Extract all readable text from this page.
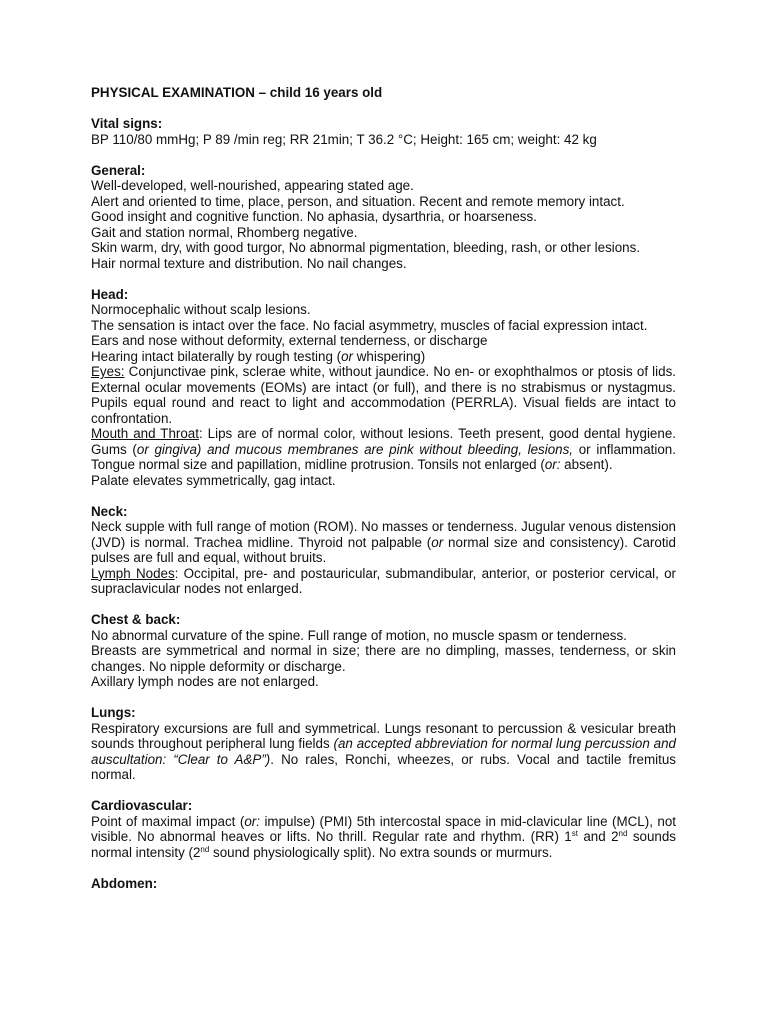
PHYSICAL EXAMINATION – child 16 years old
Vital signs:
BP 110/80 mmHg; P 89 /min reg; RR 21min; T 36.2 °C; Height: 165 cm; weight: 42 kg
General:
Well-developed, well-nourished, appearing stated age.
Alert and oriented to time, place, person, and situation. Recent and remote memory intact.
Good insight and cognitive function. No aphasia, dysarthria, or hoarseness.
Gait and station normal, Rhomberg negative.
Skin warm, dry, with good turgor, No abnormal pigmentation, bleeding, rash, or other lesions.
Hair normal texture and distribution. No nail changes.
Head:
Normocephalic without scalp lesions.
The sensation is intact over the face. No facial asymmetry, muscles of facial expression intact.
Ears and nose without deformity, external tenderness, or discharge
Hearing intact bilaterally by rough testing (or whispering)
Eyes: Conjunctivae pink, sclerae white, without jaundice. No en- or exophthalmos or ptosis of lids. External ocular movements (EOMs) are intact (or full), and there is no strabismus or nystagmus. Pupils equal round and react to light and accommodation (PERRLA). Visual fields are intact to confrontation.
Mouth and Throat: Lips are of normal color, without lesions. Teeth present, good dental hygiene. Gums (or gingiva) and mucous membranes are pink without bleeding, lesions, or inflammation. Tongue normal size and papillation, midline protrusion. Tonsils not enlarged (or: absent).
Palate elevates symmetrically, gag intact.
Neck:
Neck supple with full range of motion (ROM). No masses or tenderness. Jugular venous distension (JVD) is normal. Trachea midline. Thyroid not palpable (or normal size and consistency). Carotid pulses are full and equal, without bruits.
Lymph Nodes: Occipital, pre- and postauricular, submandibular, anterior, or posterior cervical, or supraclavicular nodes not enlarged.
Chest & back:
No abnormal curvature of the spine. Full range of motion, no muscle spasm or tenderness.
Breasts are symmetrical and normal in size; there are no dimpling, masses, tenderness, or skin changes. No nipple deformity or discharge.
Axillary lymph nodes are not enlarged.
Lungs:
Respiratory excursions are full and symmetrical. Lungs resonant to percussion & vesicular breath sounds throughout peripheral lung fields (an accepted abbreviation for normal lung percussion and auscultation: “Clear to A&P”). No rales, Ronchi, wheezes, or rubs. Vocal and tactile fremitus normal.
Cardiovascular:
Point of maximal impact (or: impulse) (PMI) 5th intercostal space in mid-clavicular line (MCL), not visible. No abnormal heaves or lifts. No thrill. Regular rate and rhythm. (RR) 1st and 2nd sounds normal intensity (2nd sound physiologically split). No extra sounds or murmurs.
Abdomen:
